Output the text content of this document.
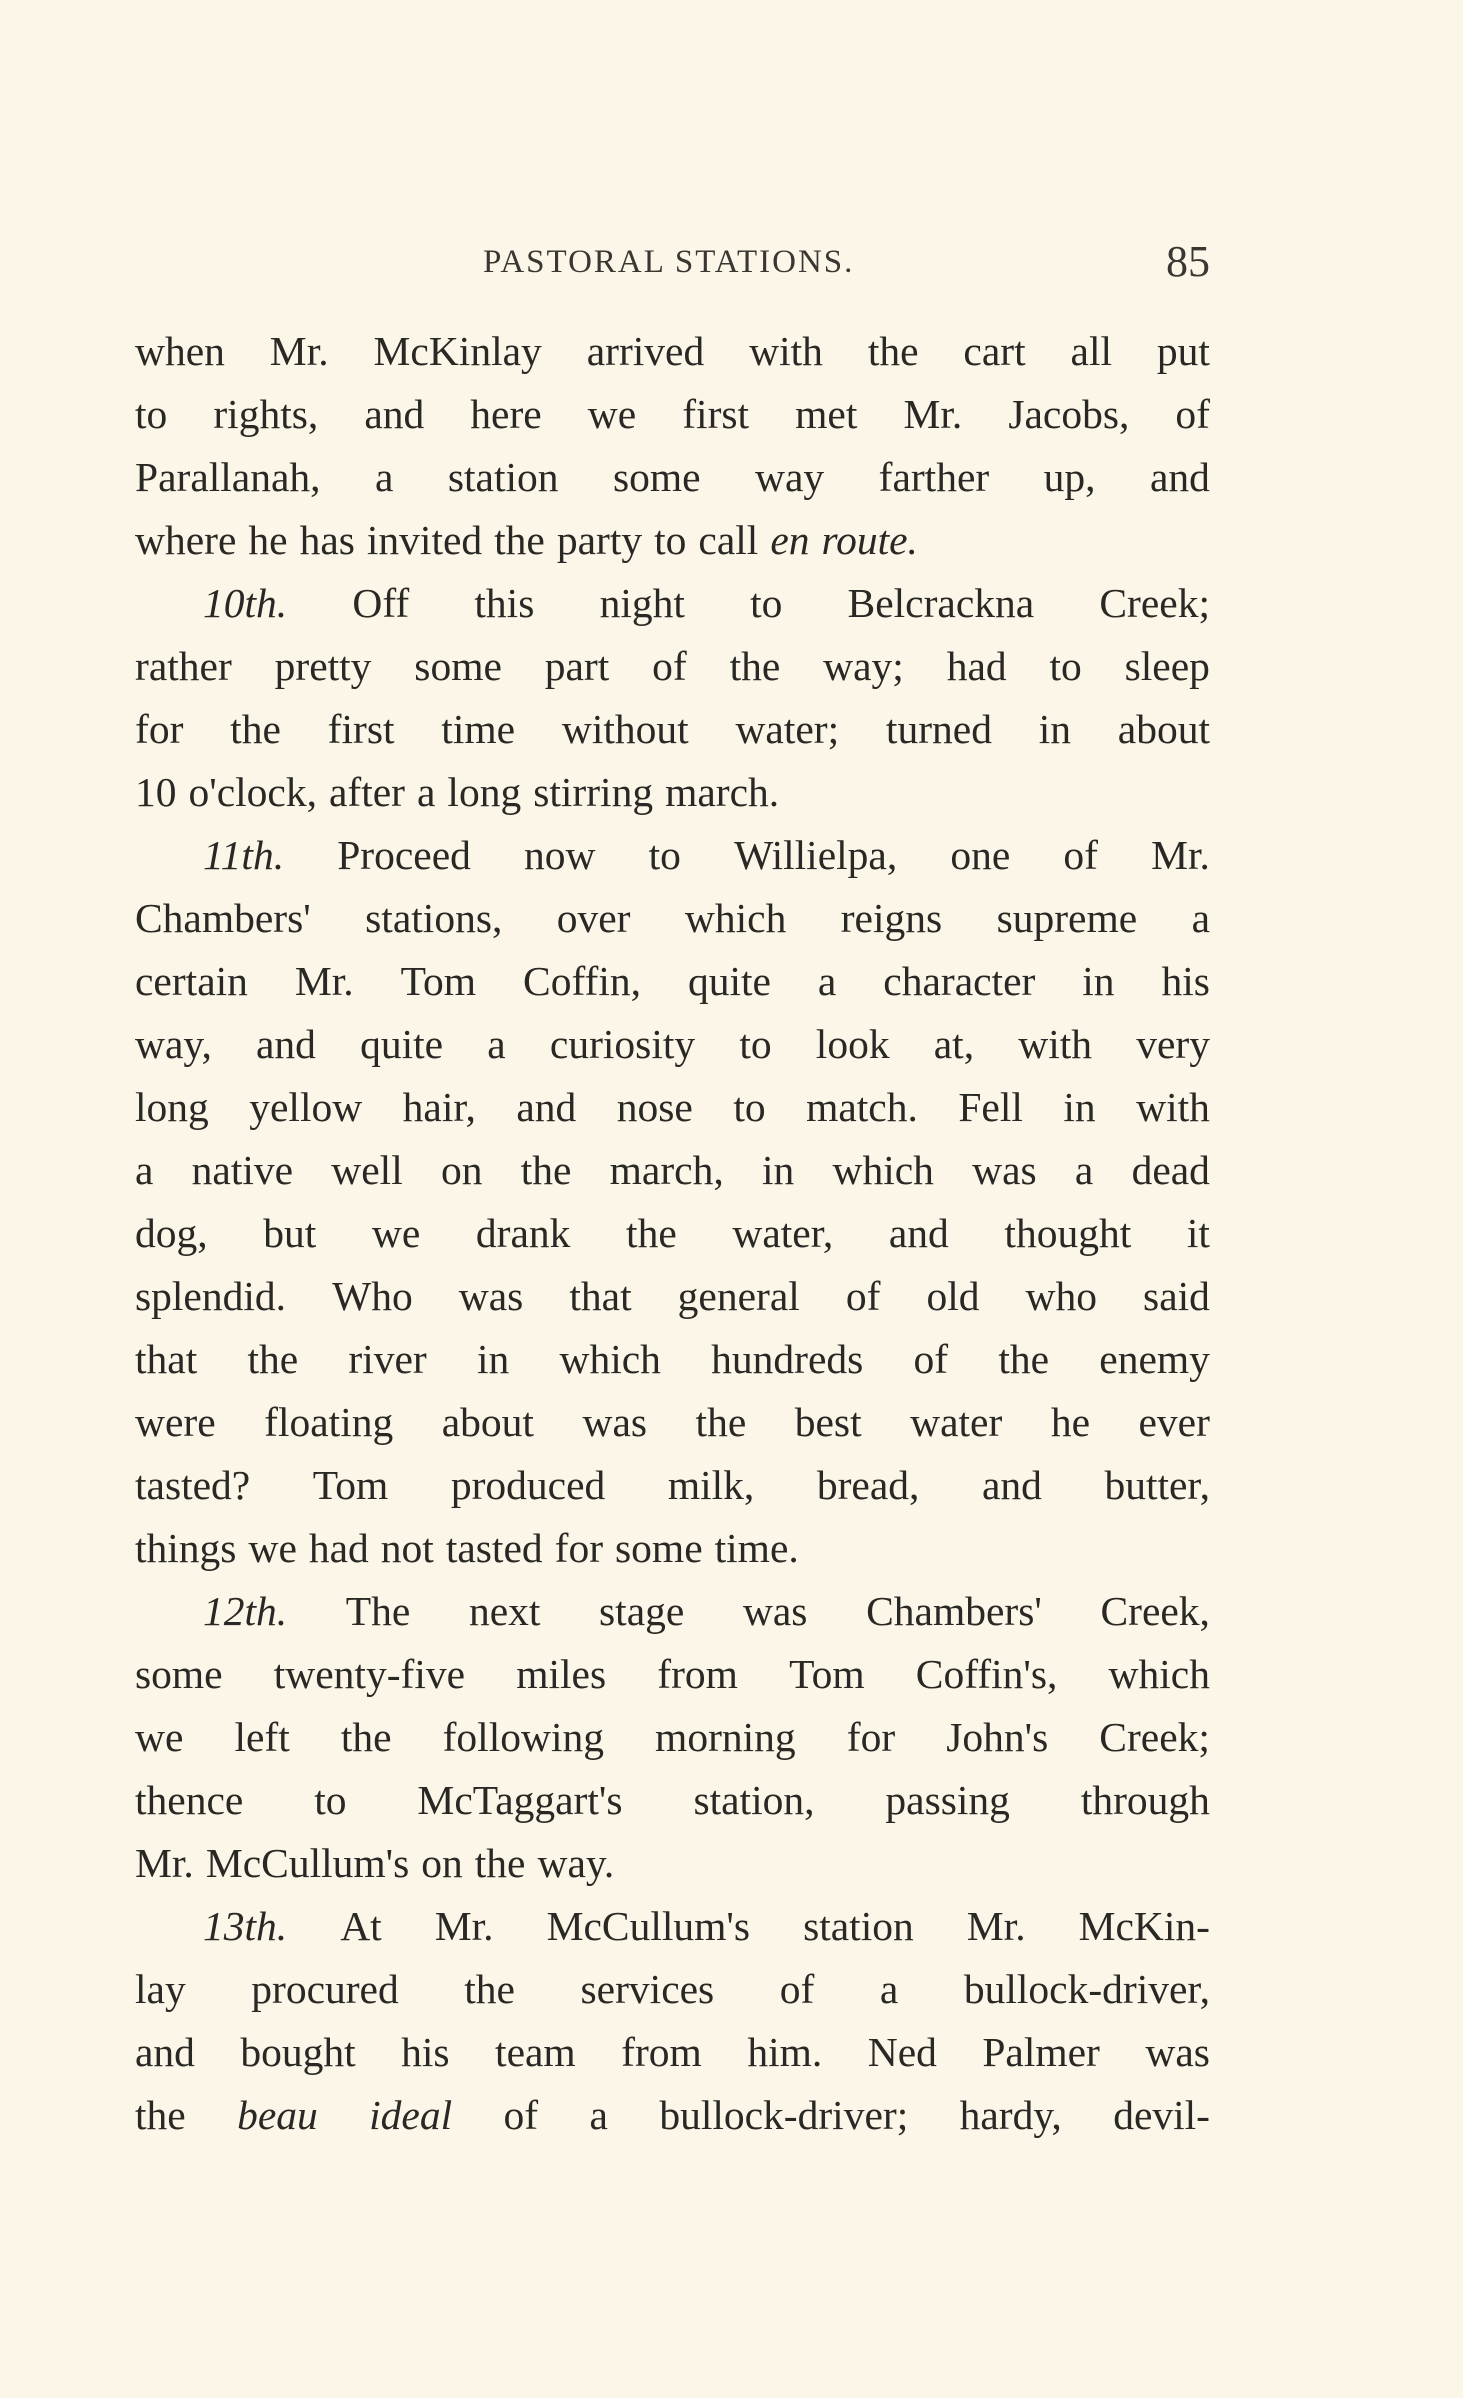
PASTORAL STATIONS.	85
when Mr. McKinlay arrived with the cart all put
to rights, and here we first met Mr. Jacobs, of
Parallanah, a station some way farther up, and
where he has invited the party to call en route.
10th. Off this night to Belcrackna Creek;
rather pretty some part of the way; had to sleep
for the first time without water; turned in about
10 o'clock, after a long stirring march.
11th. Proceed now to Willielpa, one of Mr.
Chambers' stations, over which reigns supreme a
certain Mr. Tom Coffin, quite a character in his
way, and quite a curiosity to look at, with very
long yellow hair, and nose to match. Fell in with
a native well on the march, in which was a dead
dog, but we drank the water, and thought it
splendid. Who was that general of old who said
that the river in which hundreds of the enemy
were floating about was the best water he ever
tasted? Tom produced milk, bread, and butter,
things we had not tasted for some time.
12th. The next stage was Chambers' Creek,
some twenty-five miles from Tom Coffin's, which
we left the following morning for John's Creek;
thence to McTaggart's station, passing through
Mr. McCullum's on the way.
13th. At Mr. McCullum's station Mr. McKin-
lay procured the services of a bullock-driver,
and bought his team from him. Ned Palmer was
the beau ideal of a bullock-driver; hardy, devil-
